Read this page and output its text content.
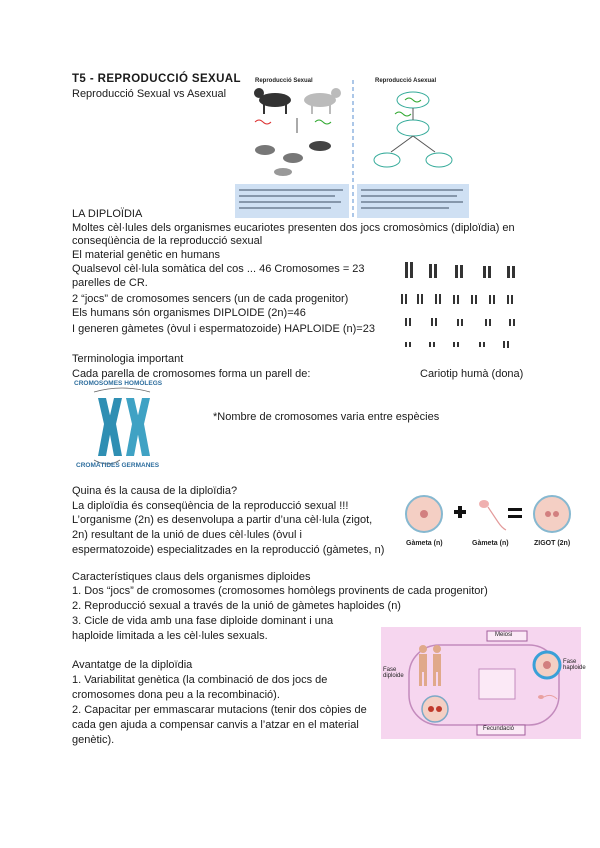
T5 - REPRODUCCIÓ SEXUAL
Reproducció Sexual vs Asexual
Reproducció Sexual	Reproducció Asexual
LA DIPLOÏDIA
Moltes cèl·lules dels organismes eucariotes presenten dos jocs cromosòmics (diploïdia) en
conseqüència de la reproducció sexual
El material genètic en humans
Qualsevol cèl·lula somàtica del cos ... 46 Cromosomes = 23
parelles de CR.
2 “jocs” de cromosomes sencers (un de cada progenitor)
Els humans són organismes DIPLOIDE (2n)=46
I generen gàmetes (òvul i espermatozoide) HAPLOIDE (n)=23
Cariotip humà (dona)
Terminologia important
Cada parella de cromosomes forma un parell de:
CROMOSOMES HOMÒLEGS
CROMÀTIDES GERMANES
*Nombre de cromosomes varia entre espècies
Quina és la causa de la diploïdia?
La diploïdia és conseqüència de la reproducció sexual !!!
L’organisme (2n) es desenvolupa a partir d’una cèl·lula (zigot,
2n) resultant de la unió de dues cèl·lules (òvul i
espermatozoide) especialitzades en la reproducció (gàmetes, n)
Gàmeta (n)	Gàmeta (n)	ZIGOT (2n)
Característiques claus dels organismes diploides
1. Dos “jocs” de cromosomes (cromosomes homòlegs provinents de cada progenitor)
2. Reproducció sexual a través de la unió de gàmetes haploides (n)
3. Cicle de vida amb una fase diploide dominant i una
haploide limitada a les cèl·lules sexuals.
Avantatge de la diploïdia
1. Variabilitat genètica (la combinació de dos jocs de
cromosomes dona peu a la recombinació).
2. Capacitar per emmascarar mutacions (tenir dos còpies de
cada gen ajuda a compensar canvis a l’atzar en el material
genètic).
Meiosi
Fase diploide
Fase haploide
Fecundació
